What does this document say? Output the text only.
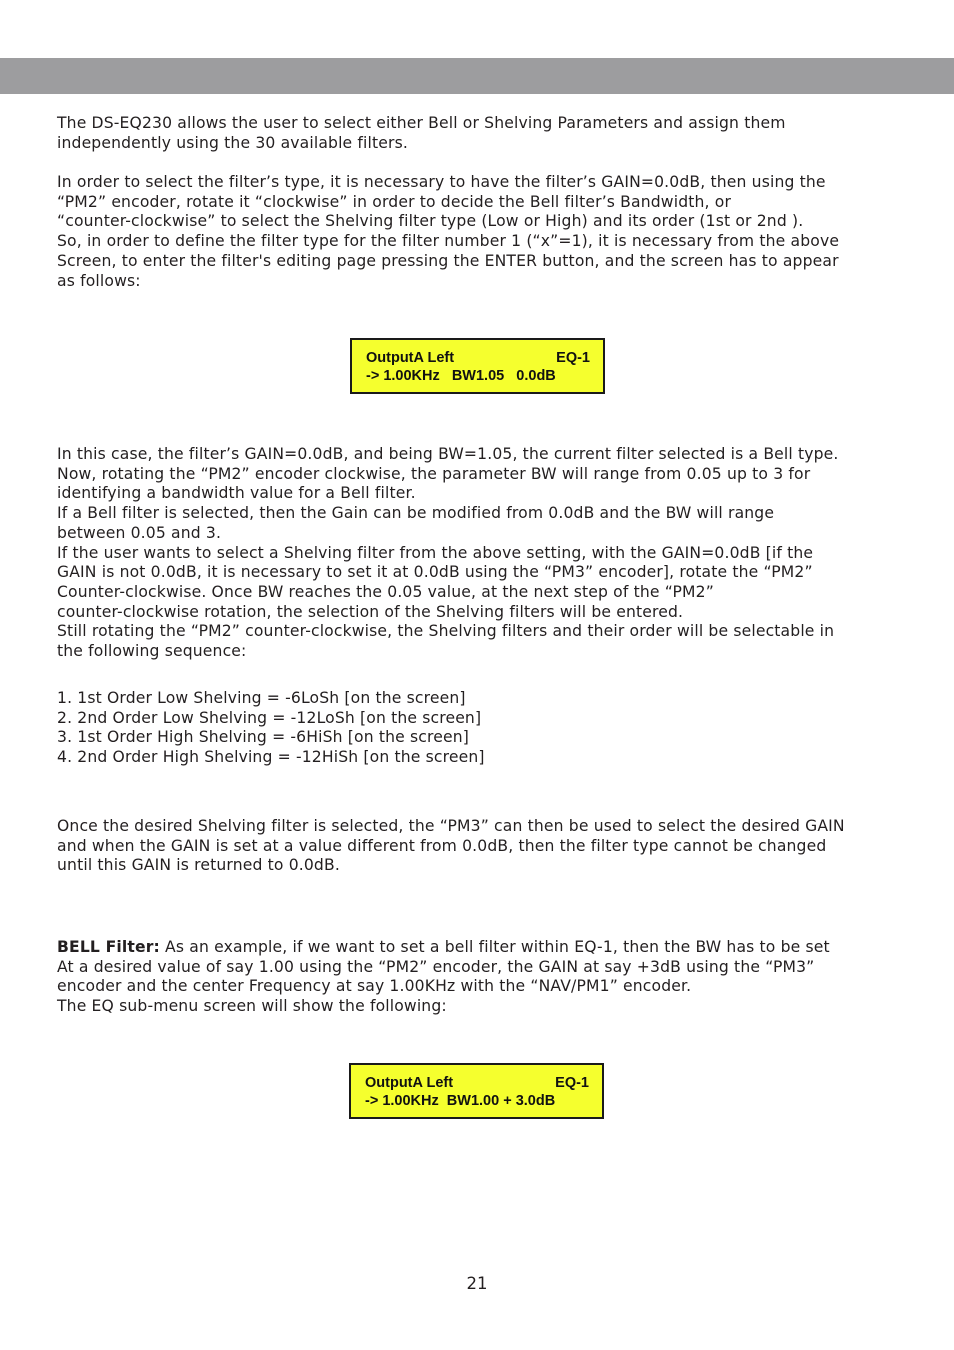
The DS-EQ230 allows the user to select either Bell or Shelving Parameters and assign them
independently using the 30 available filters.
In order to select the filter’s type, it is necessary to have the filter’s GAIN=0.0dB, then using the
“PM2” encoder, rotate it “clockwise” in order to decide the Bell filter’s Bandwidth, or
“counter-clockwise” to select the Shelving filter type (Low or High) and its order (1st or 2nd ).
So, in order to define the filter type for the filter number 1 (“x”=1), it is necessary from the above
Screen, to enter the filter's editing page pressing the ENTER button, and the screen has to appear
as follows:
OutputA Left	EQ-1
-> 1.00KHz   BW1.05   0.0dB
In this case, the filter’s GAIN=0.0dB, and being BW=1.05, the current filter selected is a Bell type.
Now, rotating the “PM2” encoder clockwise, the parameter BW will range from 0.05 up to 3 for
identifying a bandwidth value for a Bell filter.
If a Bell filter is selected, then the Gain can be modified from 0.0dB and the BW will range
between 0.05 and 3.
If the user wants to select a Shelving filter from the above setting, with the GAIN=0.0dB [if the
GAIN is not 0.0dB, it is necessary to set it at 0.0dB using the “PM3” encoder], rotate the “PM2”
Counter-clockwise. Once BW reaches the 0.05 value, at the next step of the “PM2”
counter-clockwise rotation, the selection of the Shelving filters will be entered.
Still rotating the “PM2” counter-clockwise, the Shelving filters and their order will be selectable in
the following sequence:
1. 1st Order Low Shelving = -6LoSh [on the screen]
2. 2nd Order Low Shelving = -12LoSh [on the screen]
3. 1st Order High Shelving = -6HiSh [on the screen]
4. 2nd Order High Shelving = -12HiSh [on the screen]
Once the desired Shelving filter is selected, the “PM3” can then be used to select the desired GAIN
and when the GAIN is set at a value different from 0.0dB, then the filter type cannot be changed
until this GAIN is returned to 0.0dB.
BELL Filter: As an example, if we want to set a bell filter within EQ-1, then the BW has to be set
At a desired value of say 1.00 using the “PM2” encoder, the GAIN at say +3dB using the “PM3”
encoder and the center Frequency at say 1.00KHz with the “NAV/PM1” encoder.
The EQ sub-menu screen will show the following:
OutputA Left	EQ-1
-> 1.00KHz  BW1.00 + 3.0dB
21
